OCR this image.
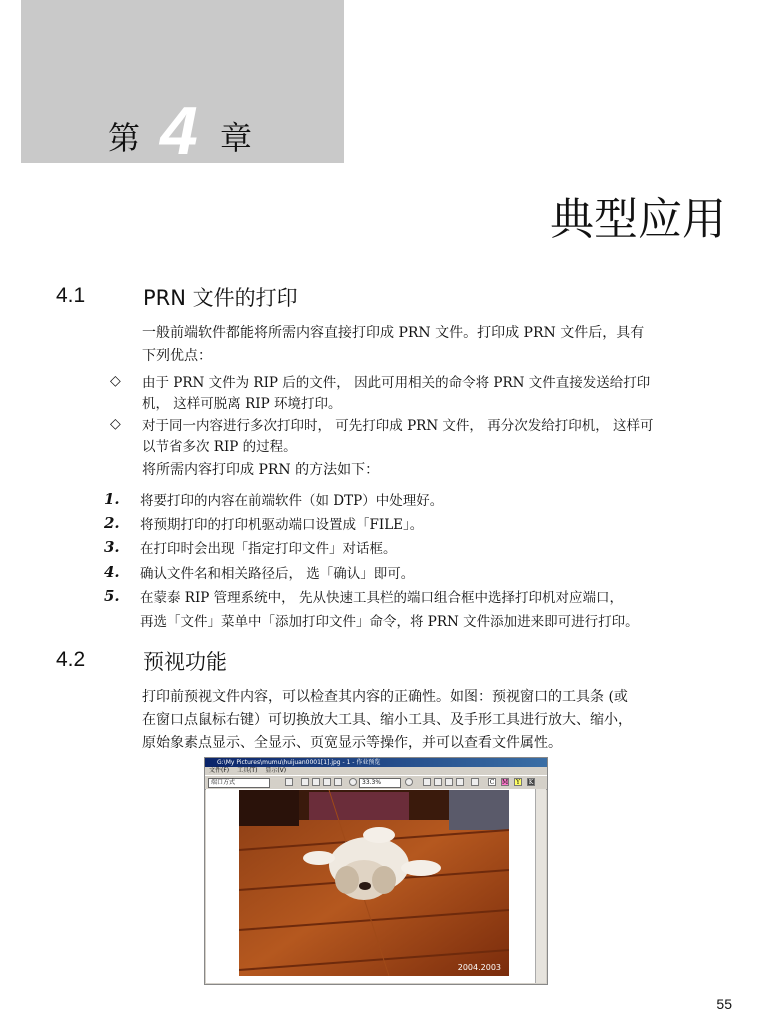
第 4 章
典型应用
4.1	PRN 文件的打印
一般前端软件都能将所需内容直接打印成 PRN 文件。打印成 PRN 文件后，具有
下列优点：
◇ 由于 PRN 文件为 RIP 后的文件， 因此可用相关的命令将 PRN 文件直接发送给打印
机， 这样可脱离 RIP 环境打印。
◇ 对于同一内容进行多次打印时， 可先打印成 PRN 文件， 再分次发给打印机， 这样可
以节省多次 RIP 的过程。
将所需内容打印成 PRN 的方法如下：
1. 将要打印的内容在前端软件（如 DTP）中处理好。
2. 将预期打印的打印机驱动端口设置成「FILE」。
3. 在打印时会出现「指定打印文件」对话框。
4. 确认文件名和相关路径后， 选「确认」即可。
5. 在蒙泰 RIP 管理系统中， 先从快速工具栏的端口组合框中选择打印机对应端口，
再选「文件」菜单中「添加打印文件」命令，将 PRN 文件添加进来即可进行打印。
4.2	预视功能
打印前预视文件内容，可以检查其内容的正确性。如图：预视窗口的工具条 (或
在窗口点鼠标右键）可切换放大工具、缩小工具、及手形工具进行放大、缩小，
原始象素点显示、全显示、页宽显示等操作，并可以查看文件属性。
G:\My Pictures\mumu\huijuan0001[1].jpg - 1 - 作业预览
文件(F) 工具(T) 显示(V)
端口方式	33.3%	C M	Y	K
2004.2003
55
